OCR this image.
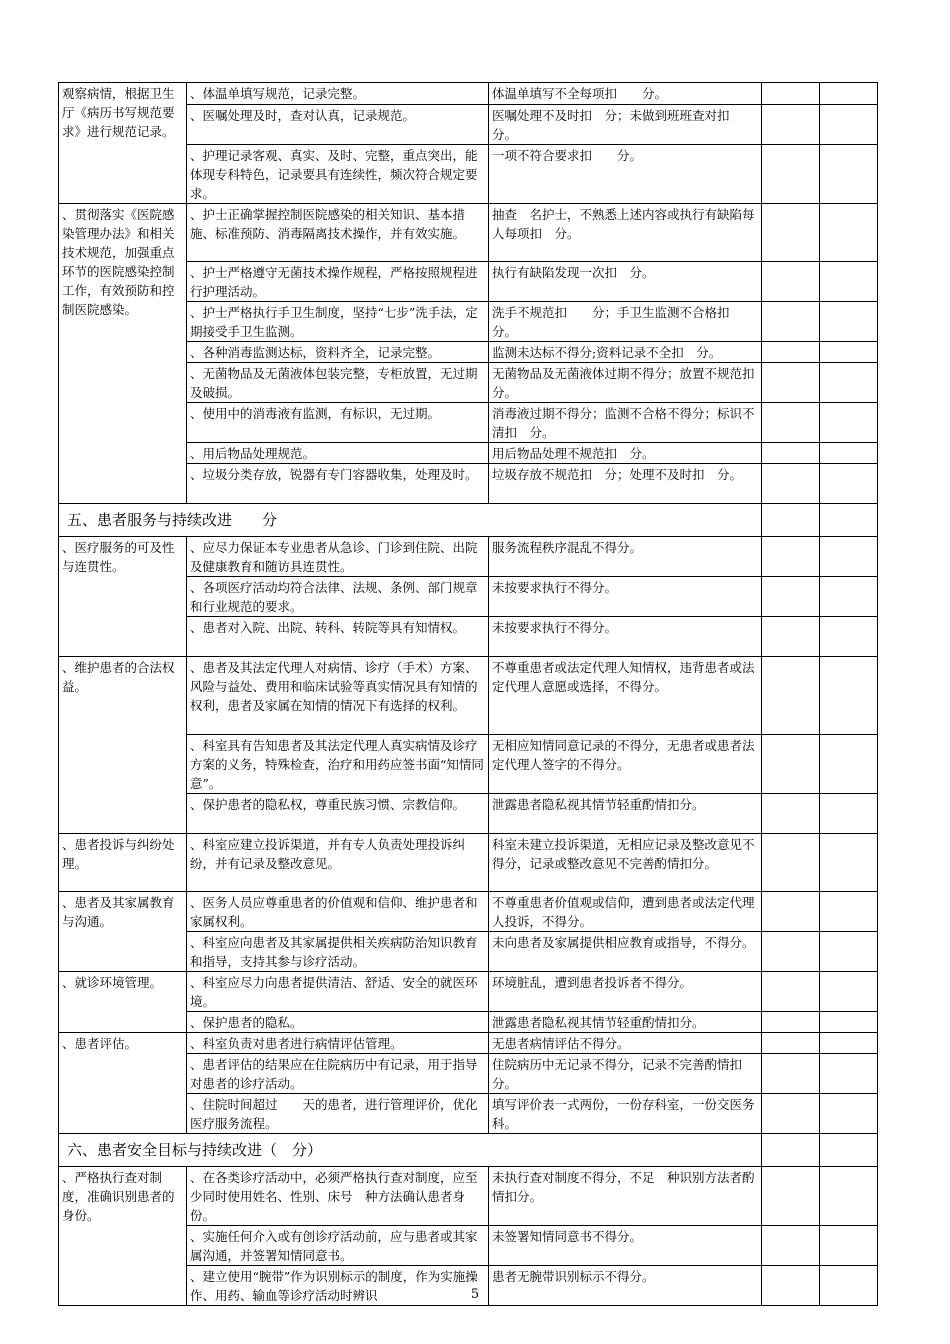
观察病情，根据卫生厅《病历书写规范要求》进行规范记录。	、体温单填写规范，记录完整。	体温单填写不全每项扣　　分。		
	、医嘱处理及时，查对认真，记录规范。	医嘱处理不及时扣　分；未做到班班查对扣　分。		
	、护理记录客观、真实、及时、完整，重点突出，能体现专科特色，记录要具有连续性，频次符合规定要求。	一项不符合要求扣　　分。		
、贯彻落实《医院感染管理办法》和相关技术规范，加强重点环节的医院感染控制工作，有效预防和控制医院感染。	、护士正确掌握控制医院感染的相关知识、基本措施、标准预防、消毒隔离技术操作，并有效实施。	抽查　名护士，不熟悉上述内容或执行有缺陷每人每项扣　分。		
	、护士严格遵守无菌技术操作规程，严格按照规程进行护理活动。	执行有缺陷发现一次扣　分。		
	、护士严格执行手卫生制度，坚持“七步”洗手法，定期接受手卫生监测。	洗手不规范扣　　分；手卫生监测不合格扣　分。		
	、各种消毒监测达标，资料齐全，记录完整。	监测未达标不得分;资料记录不全扣　分。		
	、无菌物品及无菌液体包装完整，专柜放置，无过期及破损。	无菌物品及无菌液体过期不得分；放置不规范扣　　分。		
	、使用中的消毒液有监测，有标识，无过期。	消毒液过期不得分；监测不合格不得分；标识不清扣　分。		
	、用后物品处理规范。	用后物品处理不规范扣　分。		
	、垃圾分类存放，锐器有专门容器收集，处理及时。	垃圾存放不规范扣　分；处理不及时扣　分。		
五、患者服务与持续改进　　分				
、医疗服务的可及性与连贯性。	、应尽力保证本专业患者从急诊、门诊到住院、出院及健康教育和随访具连贯性。	服务流程秩序混乱不得分。		
	、各项医疗活动均符合法律、法规、条例、部门规章和行业规范的要求。	未按要求执行不得分。		
	、患者对入院、出院、转科、转院等具有知情权。	未按要求执行不得分。		
、维护患者的合法权益。	、患者及其法定代理人对病情、诊疗（手术）方案、风险与益处、费用和临床试验等真实情况具有知情的权利，患者及家属在知情的情况下有选择的权利。	不尊重患者或法定代理人知情权，违背患者或法定代理人意愿或选择，不得分。		
	、科室具有告知患者及其法定代理人真实病情及诊疗方案的义务，特殊检查，治疗和用药应签书面“知情同意”。	无相应知情同意记录的不得分，无患者或患者法定代理人签字的不得分。		
	、保护患者的隐私权，尊重民族习惯、宗教信仰。	泄露患者隐私视其情节轻重酌情扣分。		
、患者投诉与纠纷处理。	、科室应建立投诉渠道，并有专人负责处理投诉纠纷，并有记录及整改意见。	科室未建立投诉渠道，无相应记录及整改意见不得分，记录或整改意见不完善酌情扣分。		
、患者及其家属教育与沟通。	、医务人员应尊重患者的价值观和信仰、维护患者和家属权利。	不尊重患者价值观或信仰，遭到患者或法定代理人投诉，不得分。		
	、科室应向患者及其家属提供相关疾病防治知识教育和指导，支持其参与诊疗活动。	未向患者及家属提供相应教育或指导，不得分。		
、就诊环境管理。	、科室应尽力向患者提供清洁、舒适、安全的就医环境。	环境脏乱，遭到患者投诉者不得分。		
	、保护患者的隐私。	泄露患者隐私视其情节轻重酌情扣分。		
、患者评估。	、科室负责对患者进行病情评估管理。	无患者病情评估不得分。		
	、患者评估的结果应在住院病历中有记录，用于指导对患者的诊疗活动。	住院病历中无记录不得分，记录不完善酌情扣分。		
	、住院时间超过　　天的患者，进行管理评价，优化医疗服务流程。	填写评价表一式两份，一份存科室，一份交医务科。		
六、患者安全目标与持续改进（　分）				
、严格执行查对制度，准确识别患者的身份。	、在各类诊疗活动中，必须严格执行查对制度，应至少同时使用姓名、性别、床号　种方法确认患者身份。	未执行查对制度不得分，不足　种识别方法者酌情扣分。		
	、实施任何介入或有创诊疗活动前，应与患者或其家属沟通，并签署知情同意书。	未签署知情同意书不得分。		
	、建立使用“腕带”作为识别标示的制度，作为实施操作、用药、输血等诊疗活动时辨识	患者无腕带识别标示不得分。		
5
